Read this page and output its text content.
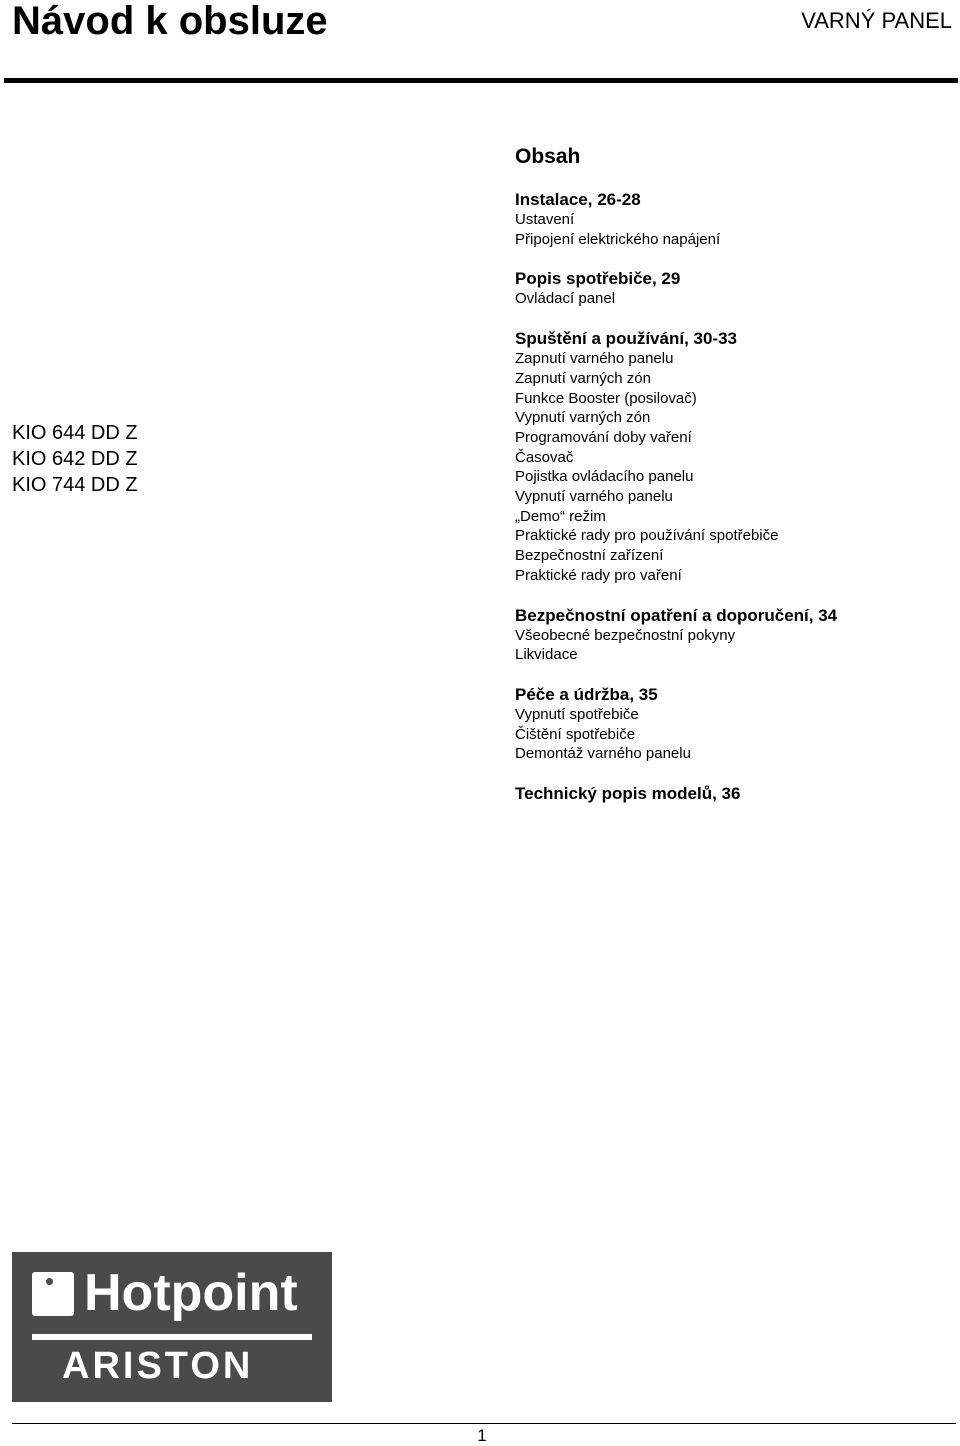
Návod k obsluze	VARNÝ PANEL
KIO 644 DD Z
KIO 642 DD Z
KIO 744 DD Z
Obsah
Instalace, 26-28
Ustavení
Připojení elektrického napájení
Popis spotřebiče, 29
Ovládací panel
Spuštění a používání, 30-33
Zapnutí varného panelu
Zapnutí varných zón
Funkce Booster (posilovač)
Vypnutí varných zón
Programování doby vaření
Časovač
Pojistka ovládacího panelu
Vypnutí varného panelu
„Demo“ režim
Praktické rady pro používání spotřebiče
Bezpečnostní zařízení
Praktické rady pro vaření
Bezpečnostní opatření a doporučení, 34
Všeobecné bezpečnostní pokyny
Likvidace
Péče a údržba, 35
Vypnutí spotřebiče
Čištění spotřebiče
Demontáž varného panelu
Technický popis modelů, 36
Hotpoint
ARISTON
1
